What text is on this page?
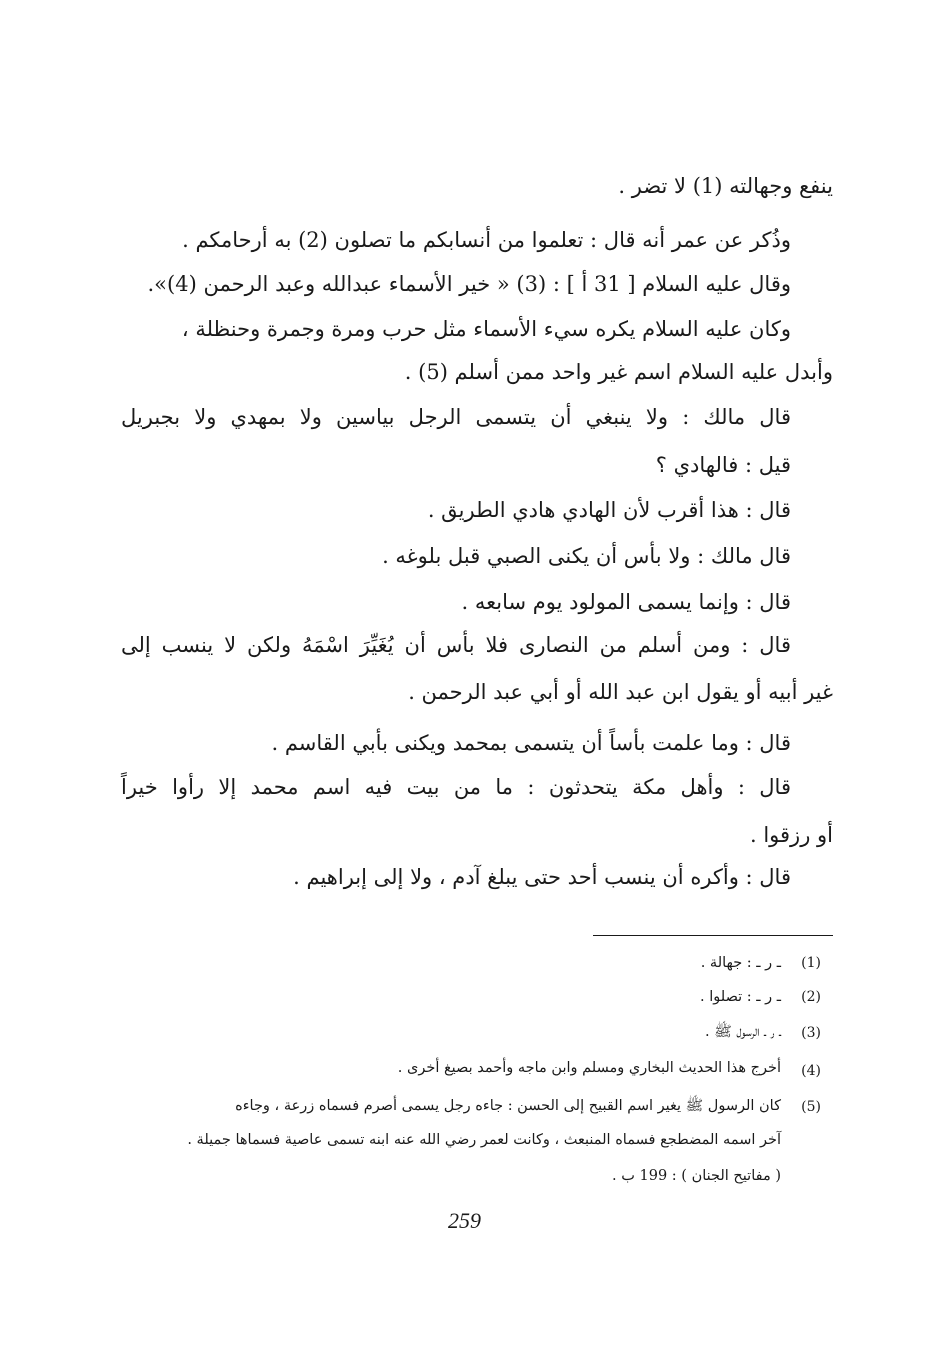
ينفع وجهالته (1) لا تضر .
وذُكر عن عمر أنه قال : تعلموا من أنسابكم ما تصلون (2) به أرحامكم .
وقال عليه السلام [ 31 أ ] : (3) « خير الأسماء عبدالله وعبد الرحمن (4)».
وكان عليه السلام يكره سيء الأسماء مثل حرب ومرة وجمرة وحنظلة ،
وأبدل عليه السلام اسم غير واحد ممن أسلم (5) .
قال مالك : ولا ينبغي أن يتسمى الرجل بياسين ولا بمهدي ولا بجبريل
قيل : فالهادي ؟
قال : هذا أقرب لأن الهادي هادي الطريق .
قال مالك : ولا بأس أن يكنى الصبي قبل بلوغه .
قال : وإنما يسمى المولود يوم سابعه .
قال : ومن أسلم من النصارى فلا بأس أن يُغَيِّرَ اسْمَهُ ولكن لا ينسب إلى
غير أبيه أو يقول ابن عبد الله أو أبي عبد الرحمن .
قال : وما علمت بأساً أن يتسمى بمحمد ويكنى بأبي القاسم .
قال : وأهل مكة يتحدثون : ما من بيت فيه اسم محمد إلا رأوا خيراً
أو رزقوا .
قال : وأكره أن ينسب أحد حتى يبلغ آدم ، ولا إلى إبراهيم .
(1)
ـ ر ـ : جهالة .
(2)
ـ ر ـ : تصلوا .
(3)
ـ ر ـ الرسول ﷺ .
(4)
أخرج هذا الحديث البخاري ومسلم وابن ماجه وأحمد بصيغ أخرى .
(5)
كان الرسول ﷺ يغير اسم القبيح إلى الحسن : جاءه رجل يسمى أصرم فسماه زرعة ، وجاءه
آخر اسمه المضطجع فسماه المنبعث ، وكانت لعمر رضي الله عنه ابنه تسمى عاصية فسماها جميلة .
( مفاتيح الجنان ) : 199 ب .
259
